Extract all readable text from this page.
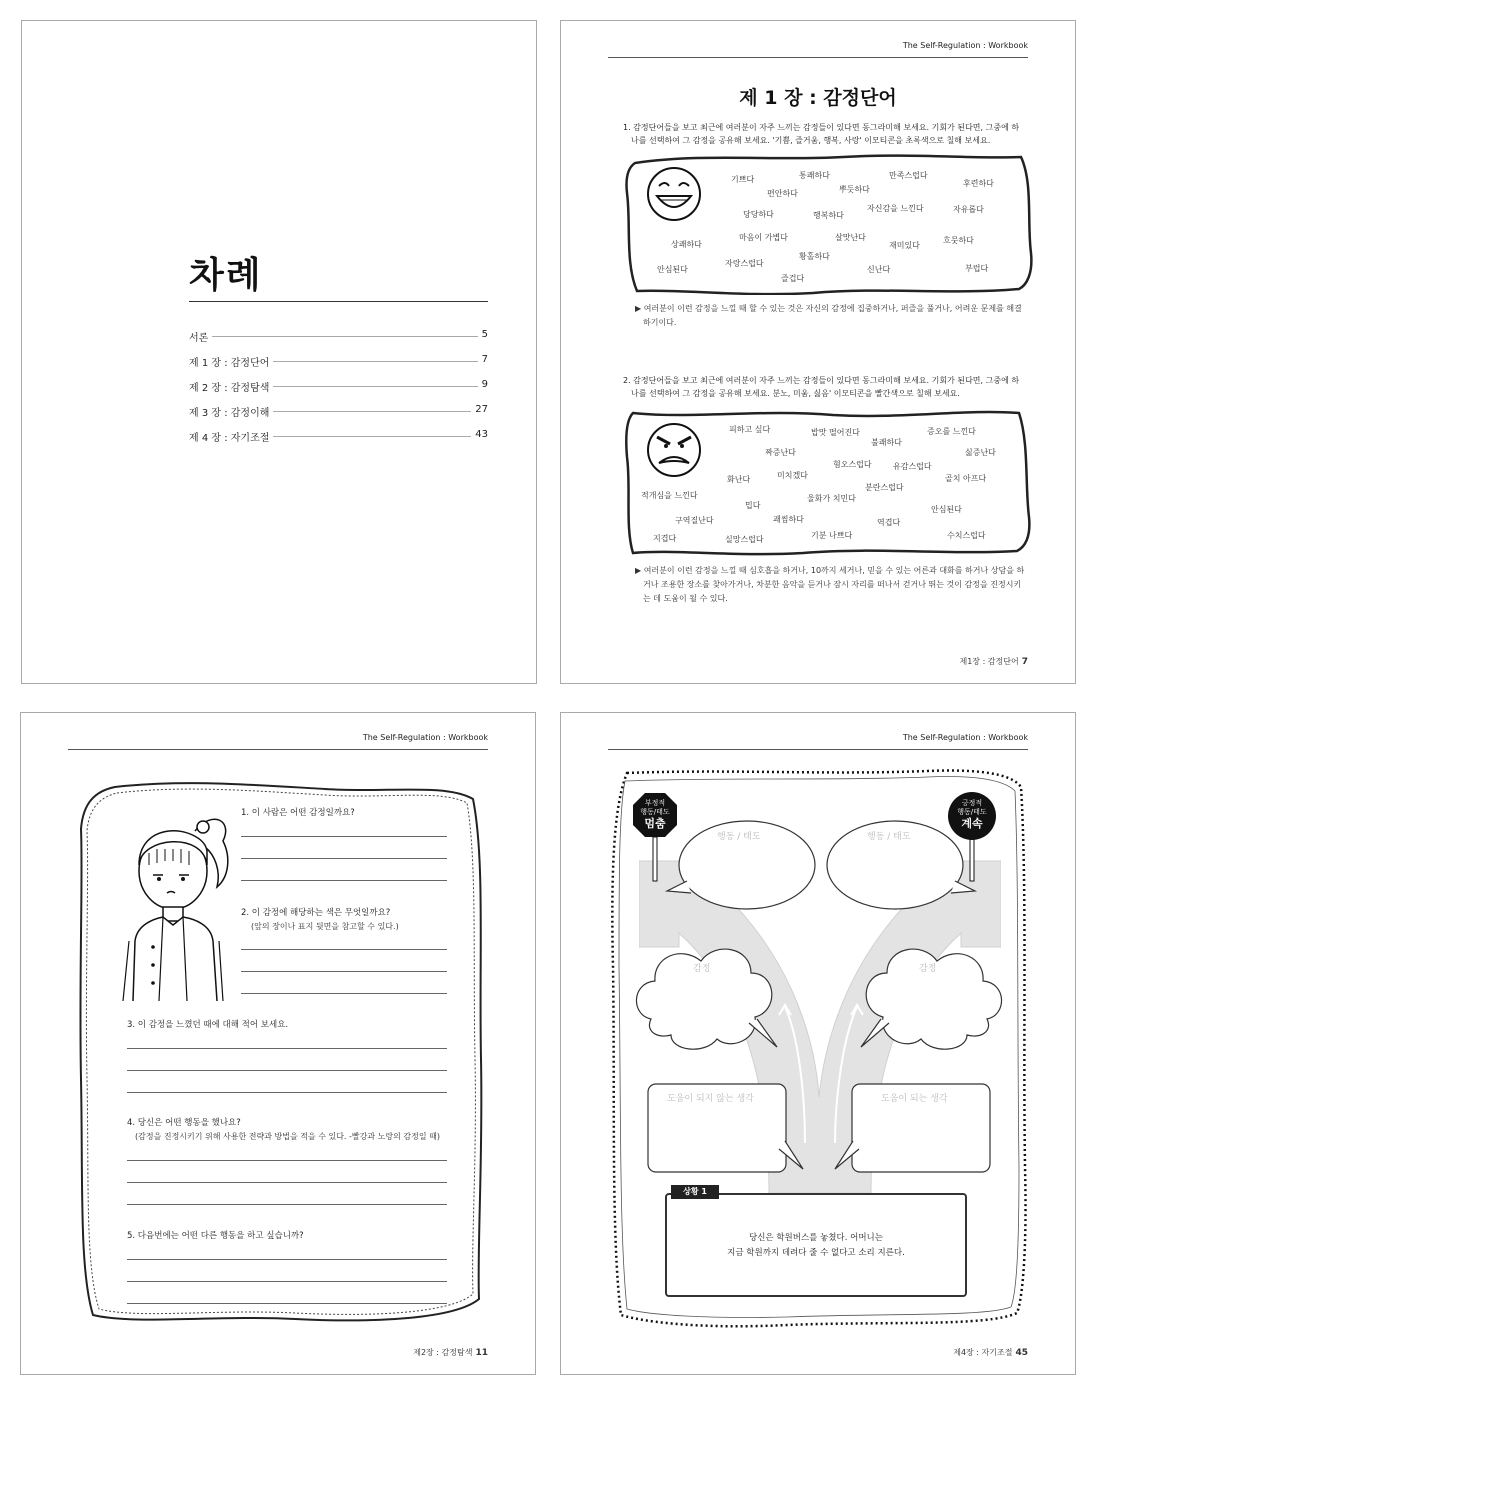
차례
서론	5
제 1 장 : 감정단어	7
제 2 장 : 감정탐색	9
제 3 장 : 감정이해	27
제 4 장 : 자기조절	43
The Self-Regulation : Workbook
제 1 장 : 감정단어
1. 감정단어들을 보고 최근에 여러분이 자주 느끼는 감정들이 있다면 동그라미해 보세요. 기회가 된다면, 그중에 하
나를 선택하여 그 감정을 공유해 보세요. '기쁨, 즐거움, 행복, 사랑' 이모티콘을 초록색으로 칠해 보세요.
기쁘다	통쾌하다	만족스럽다
후련하다
편안하다	뿌듯하다
당당하다	행복하다
자신감을 느낀다	자유롭다
상쾌하다
마음이 가볍다	살맛난다
재미있다
흐뭇하다
황홀하다
안심된다
자랑스럽다
즐겁다
신난다	부럽다
▶ 여러분이 이런 감정을 느낄 때 할 수 있는 것은 자신의 감정에 집중하거나, 퍼즐을 풀거나, 어려운 문제를 해결
하기이다.
2. 감정단어들을 보고 최근에 여러분이 자주 느끼는 감정들이 있다면 동그라미해 보세요. 기회가 된다면, 그중에 하
나를 선택하여 그 감정을 공유해 보세요. 분노, 미움, 싫음' 이모티콘을 빨간색으로 칠해 보세요.
피하고 싶다	밥맛 떨어진다
불쾌하다
증오를 느낀다
짜증난다	싫증난다
혐오스럽다	유감스럽다
화난다	미치겠다	골치 아프다
분란스럽다
적개심을 느낀다
밉다
울화가 치민다
안심된다
구역질난다	괘씸하다	역겹다
지겹다	실망스럽다	기분 나쁘다	수치스럽다
▶ 여러분이 이런 감정을 느낄 때 심호흡을 하거나, 10까지 세거나, 믿을 수 있는 어른과 대화를 하거나 상담을 하
거나 조용한 장소를 찾아가거나, 차분한 음악을 듣거나 잠시 자리를 떠나서 걷거나 뛰는 것이 감정을 진정시키
는 데 도움이 될 수 있다.
제1장 : 감정단어 7
The Self-Regulation : Workbook
1. 이 사람은 어떤 감정일까요?
2. 이 감정에 해당하는 색은 무엇일까요?
(앞의 장이나 표지 뒷면을 참고할 수 있다.)
3. 이 감정을 느꼈던 때에 대해 적어 보세요.
4. 당신은 어떤 행동을 했나요?
(감정을 진정시키기 위해 사용한 전략과 방법을 적을 수 있다. -빨강과 노랑의 감정일 때)
5. 다음번에는 어떤 다른 행동을 하고 싶습니까?
제2장 : 감정탐색 11
The Self-Regulation : Workbook
부정적
행동/태도
멈춤
긍정적
행동/태도
계속
행동 / 태도	행동 / 태도
감정	감정
도움이 되지 않는 생각	도움이 되는 생각
상황 1
당신은 학원버스를 놓쳤다. 어머니는
지금 학원까지 데려다 줄 수 없다고 소리 지른다.
제4장 : 자기조절 45
